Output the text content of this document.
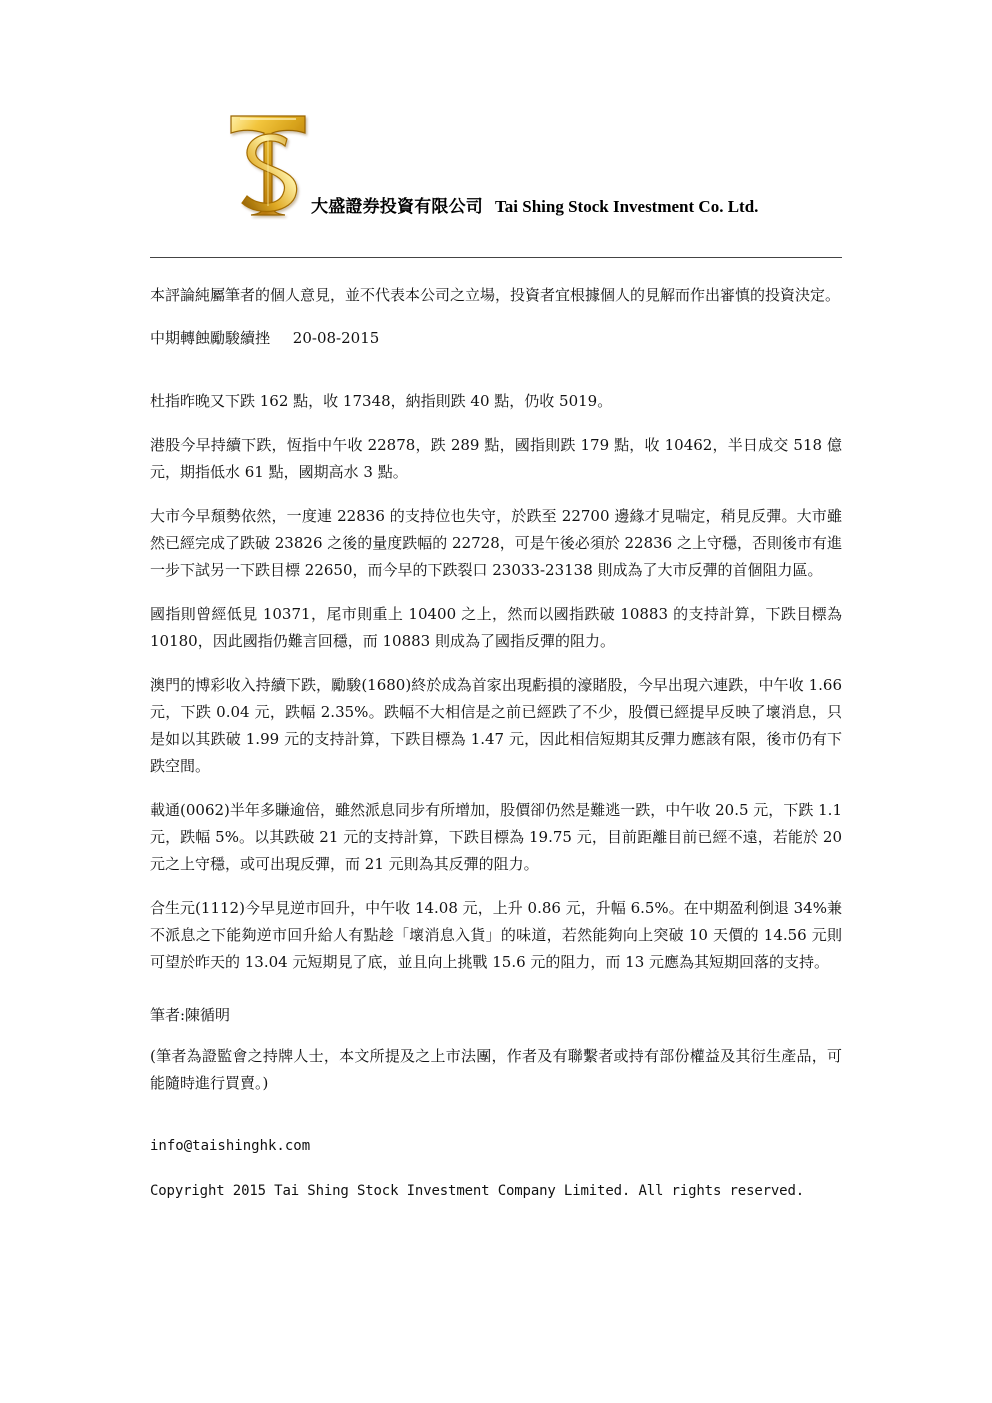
大盛證券投資有限公司 Tai Shing Stock Investment Co. Ltd.

本評論純屬筆者的個人意見，並不代表本公司之立場，投資者宜根據個人的見解而作出審慎的投資決定。

中期轉蝕勵駿續挫 20-08-2015

杜指昨晚又下跌 162 點，收 17348，納指則跌 40 點，仍收 5019。

港股今早持續下跌，恆指中午收 22878，跌 289 點，國指則跌 179 點，收 10462，半日成交 518 億元，期指低水 61 點，國期高水 3 點。

大市今早頹勢依然，一度連 22836 的支持位也失守，於跌至 22700 邊緣才見喘定，稍見反彈。大市雖然已經完成了跌破 23826 之後的量度跌幅的 22728，可是午後必須於 22836 之上守穩，否則後市有進一步下試另一下跌目標 22650，而今早的下跌裂口 23033-23138 則成為了大市反彈的首個阻力區。

國指則曾經低見 10371，尾市則重上 10400 之上，然而以國指跌破 10883 的支持計算，下跌目標為 10180，因此國指仍難言回穩，而 10883 則成為了國指反彈的阻力。

澳門的博彩收入持續下跌，勵駿(1680)終於成為首家出現虧損的濠賭股，今早出現六連跌，中午收 1.66 元，下跌 0.04 元，跌幅 2.35%。跌幅不大相信是之前已經跌了不少，股價已經提早反映了壞消息，只是如以其跌破 1.99 元的支持計算，下跌目標為 1.47 元，因此相信短期其反彈力應該有限，後市仍有下跌空間。

載通(0062)半年多賺逾倍，雖然派息同步有所增加，股價卻仍然是難逃一跌，中午收 20.5 元，下跌 1.1 元，跌幅 5%。以其跌破 21 元的支持計算，下跌目標為 19.75 元，目前距離目前已經不遠，若能於 20 元之上守穩，或可出現反彈，而 21 元則為其反彈的阻力。

合生元(1112)今早見逆市回升，中午收 14.08 元，上升 0.86 元，升幅 6.5%。在中期盈利倒退 34%兼不派息之下能夠逆市回升給人有點趁「壞消息入貨」的味道，若然能夠向上突破 10 天價的 14.56 元則可望於昨天的 13.04 元短期見了底，並且向上挑戰 15.6 元的阻力，而 13 元應為其短期回落的支持。

筆者:陳循明

(筆者為證監會之持牌人士，本文所提及之上市法團，作者及有聯繫者或持有部份權益及其衍生產品，可能隨時進行買賣。)

info@taishinghk.com

Copyright 2015 Tai Shing Stock Investment Company Limited. All rights reserved.
